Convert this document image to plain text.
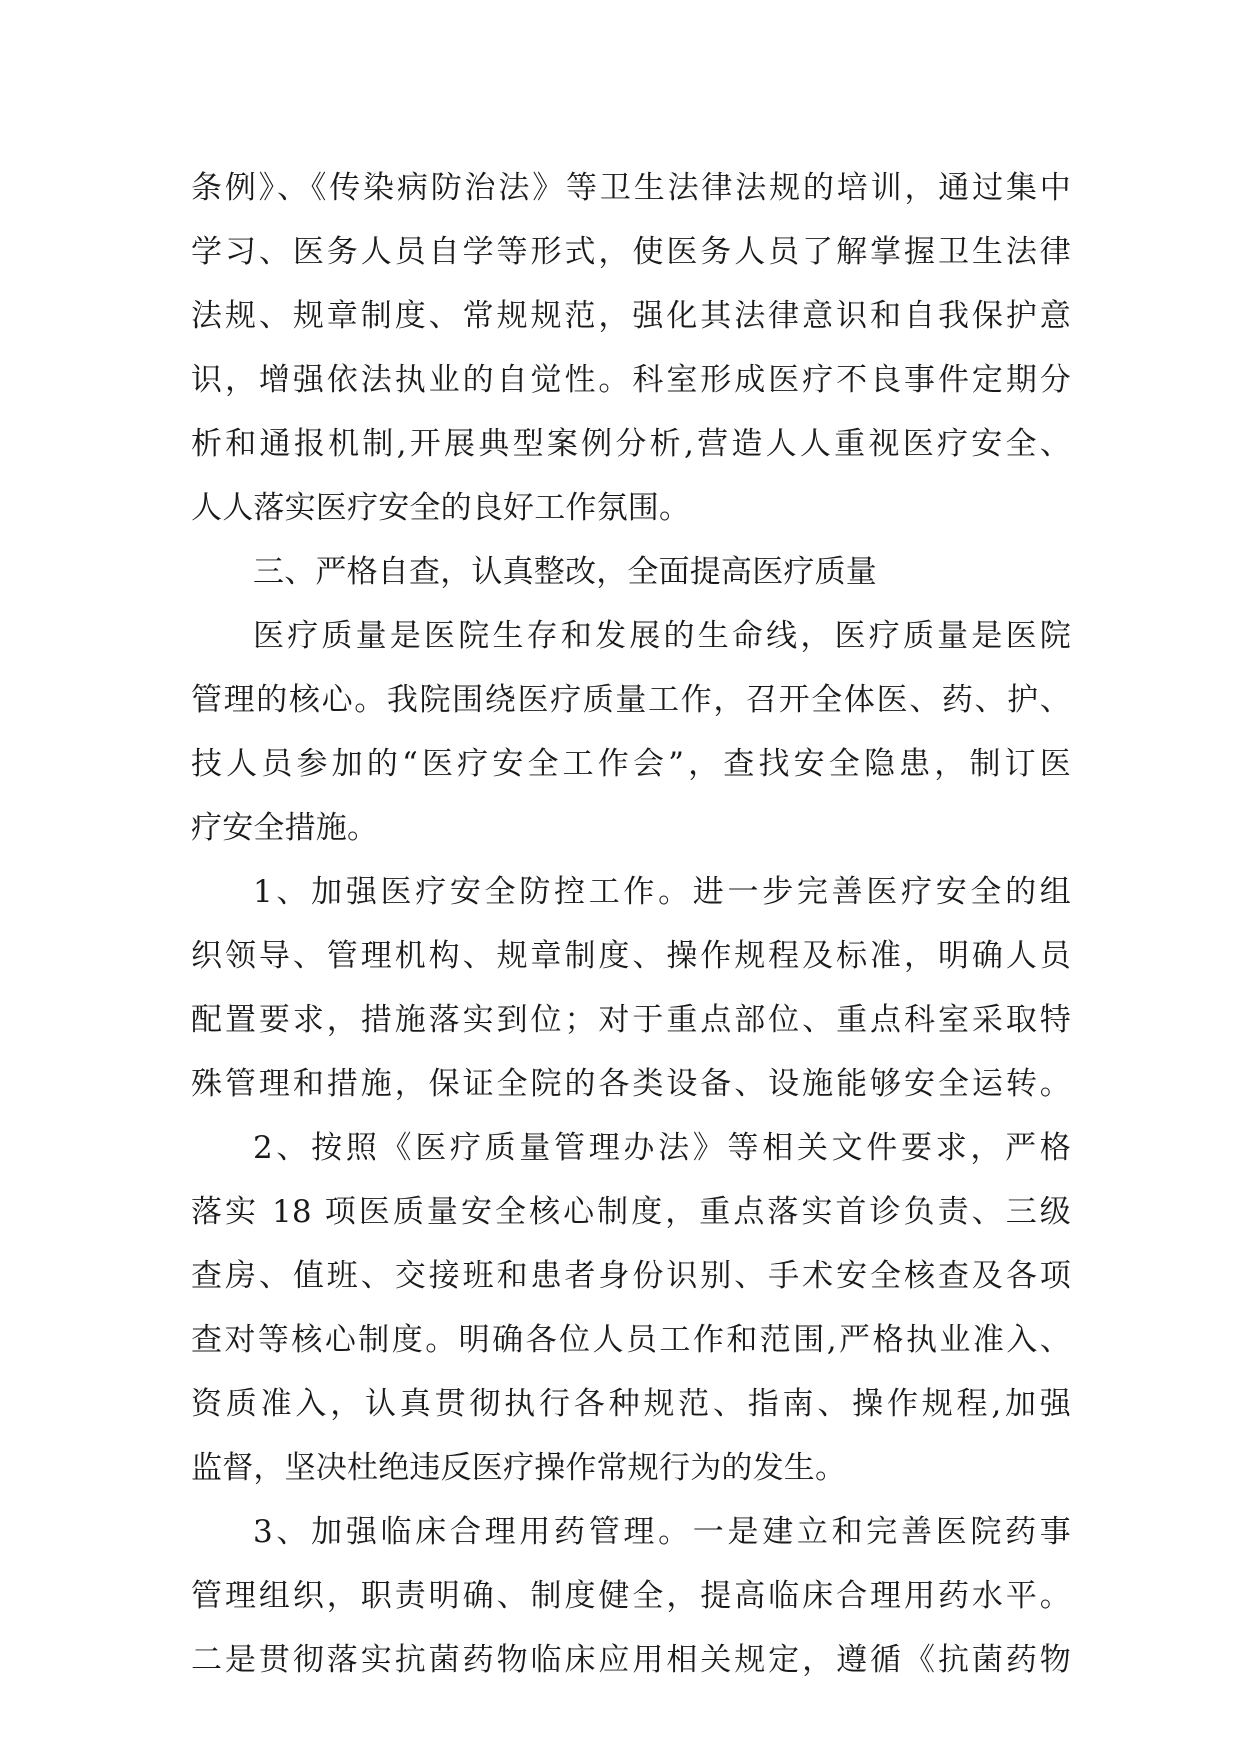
条例》、《传染病防治法》等卫生法律法规的培训，通过集中
学习、医务人员自学等形式，使医务人员了解掌握卫生法律
法规、规章制度、常规规范，强化其法律意识和自我保护意
识，增强依法执业的自觉性。科室形成医疗不良事件定期分
析和通报机制,开展典型案例分析,营造人人重视医疗安全、
人人落实医疗安全的良好工作氛围。
三、严格自查，认真整改，全面提高医疗质量
医疗质量是医院生存和发展的生命线，医疗质量是医院
管理的核心。我院围绕医疗质量工作，召开全体医、药、护、
技人员参加的“医疗安全工作会”，查找安全隐患，制订医
疗安全措施。
1、加强医疗安全防控工作。进一步完善医疗安全的组
织领导、管理机构、规章制度、操作规程及标准，明确人员
配置要求，措施落实到位；对于重点部位、重点科室采取特
殊管理和措施，保证全院的各类设备、设施能够安全运转。
2、按照《医疗质量管理办法》等相关文件要求，严格
落实 18 项医质量安全核心制度，重点落实首诊负责、三级
查房、值班、交接班和患者身份识别、手术安全核查及各项
查对等核心制度。明确各位人员工作和范围,严格执业准入、
资质准入，认真贯彻执行各种规范、指南、操作规程,加强
监督，坚决杜绝违反医疗操作常规行为的发生。
3、加强临床合理用药管理。一是建立和完善医院药事
管理组织，职责明确、制度健全，提高临床合理用药水平。
二是贯彻落实抗菌药物临床应用相关规定，遵循《抗菌药物
